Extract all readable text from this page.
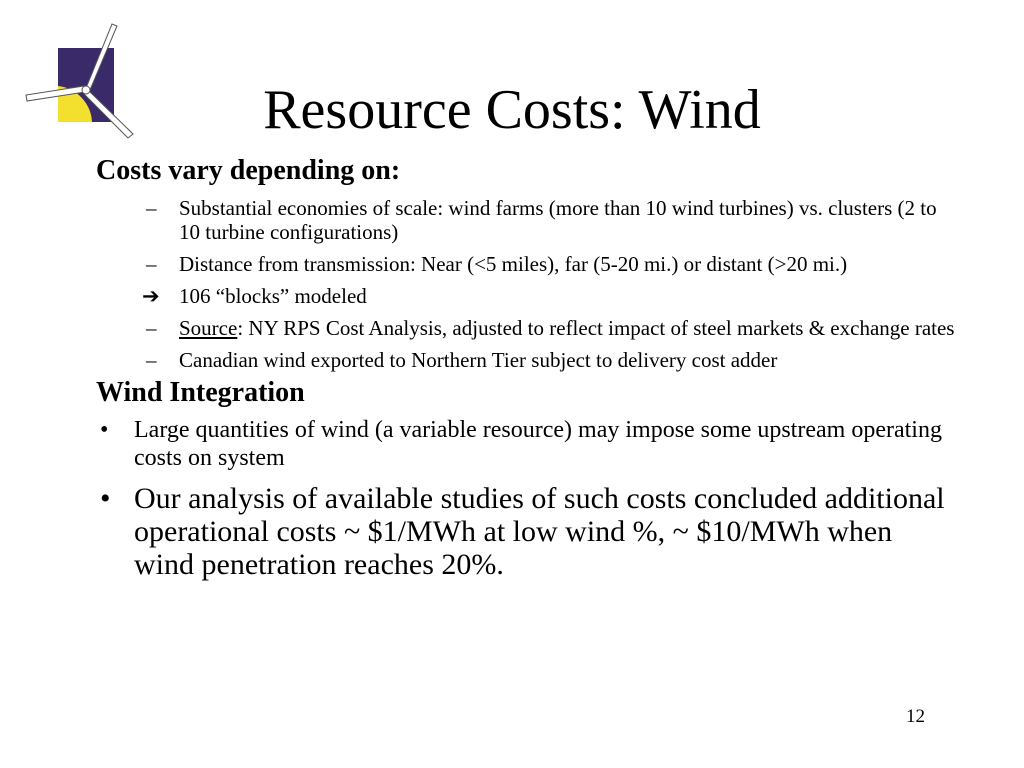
Resource Costs: Wind

Costs vary depending on:

– Substantial economies of scale: wind farms (more than 10 wind turbines) vs. clusters (2 to 10 turbine configurations)
– Distance from transmission: Near (<5 miles), far (5-20 mi.) or distant (>20 mi.)
➔ 106 “blocks” modeled
– Source: NY RPS Cost Analysis, adjusted to reflect impact of steel markets & exchange rates
– Canadian wind exported to Northern Tier subject to delivery cost adder

Wind Integration

• Large quantities of wind (a variable resource) may impose some upstream operating costs on system
• Our analysis of available studies of such costs concluded additional operational costs ~ $1/MWh at low wind %, ~ $10/MWh when wind penetration reaches 20%.
12
